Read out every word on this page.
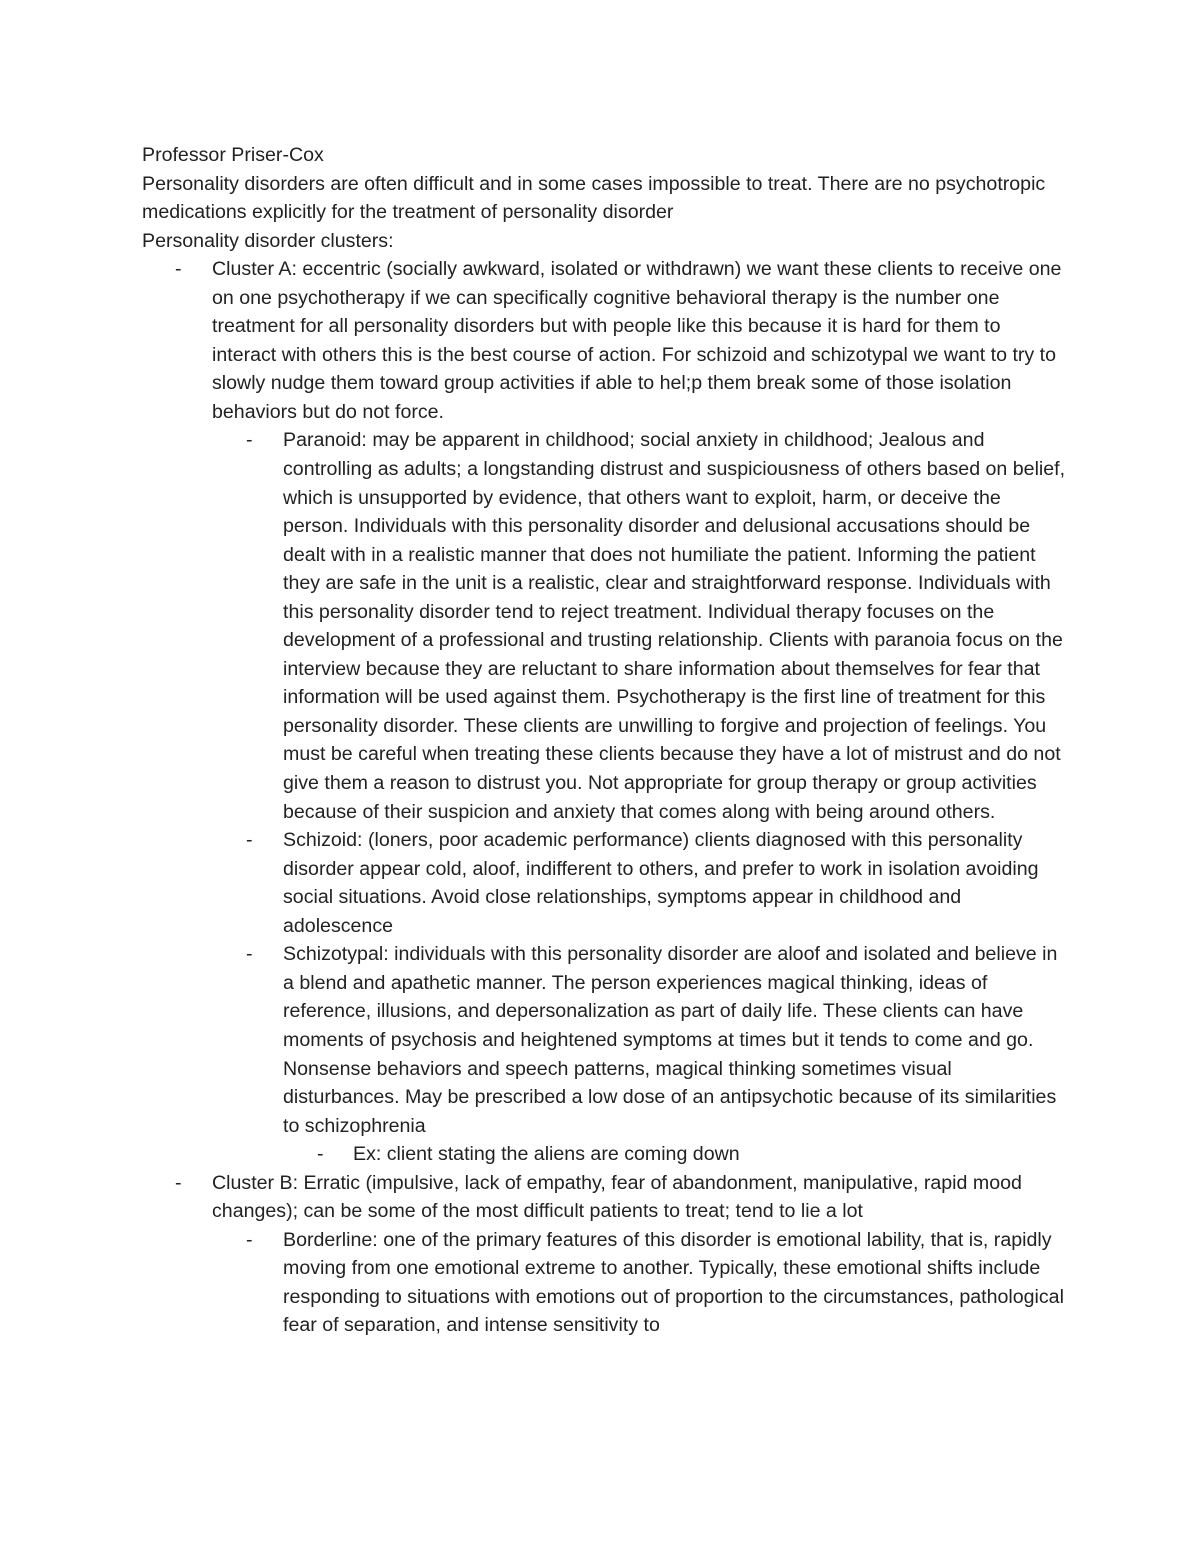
Professor Priser-Cox

Personality disorders are often difficult and in some cases impossible to treat. There are no psychotropic medications explicitly for the treatment of personality disorder

Personality disorder clusters:

- Cluster A: eccentric (socially awkward, isolated or withdrawn) we want these clients to receive one on one psychotherapy if we can specifically cognitive behavioral therapy is the number one treatment for all personality disorders but with people like this because it is hard for them to interact with others this is the best course of action. For schizoid and schizotypal we want to try to slowly nudge them toward group activities if able to hel;p them break some of those isolation behaviors but do not force.
- Paranoid: may be apparent in childhood; social anxiety in childhood; Jealous and controlling as adults; a longstanding distrust and suspiciousness of others based on belief, which is unsupported by evidence, that others want to exploit, harm, or deceive the person. Individuals with this personality disorder and delusional accusations should be dealt with in a realistic manner that does not humiliate the patient. Informing the patient they are safe in the unit is a realistic, clear and straightforward response. Individuals with this personality disorder tend to reject treatment. Individual therapy focuses on the development of a professional and trusting relationship. Clients with paranoia focus on the interview because they are reluctant to share information about themselves for fear that information will be used against them. Psychotherapy is the first line of treatment for this personality disorder. These clients are unwilling to forgive and projection of feelings. You must be careful when treating these clients because they have a lot of mistrust and do not give them a reason to distrust you. Not appropriate for group therapy or group activities because of their suspicion and anxiety that comes along with being around others.
- Schizoid: (loners, poor academic performance) clients diagnosed with this personality disorder appear cold, aloof, indifferent to others, and prefer to work in isolation avoiding social situations. Avoid close relationships, symptoms appear in childhood and adolescence
- Schizotypal: individuals with this personality disorder are aloof and isolated and believe in a blend and apathetic manner. The person experiences magical thinking, ideas of reference, illusions, and depersonalization as part of daily life. These clients can have moments of psychosis and heightened symptoms at times but it tends to come and go. Nonsense behaviors and speech patterns, magical thinking sometimes visual disturbances. May be prescribed a low dose of an antipsychotic because of its similarities to schizophrenia
- Ex: client stating the aliens are coming down
- Cluster B: Erratic (impulsive, lack of empathy, fear of abandonment, manipulative, rapid mood changes); can be some of the most difficult patients to treat; tend to lie a lot
- Borderline: one of the primary features of this disorder is emotional lability, that is, rapidly moving from one emotional extreme to another. Typically, these emotional shifts include responding to situations with emotions out of proportion to the circumstances, pathological fear of separation, and intense sensitivity to
